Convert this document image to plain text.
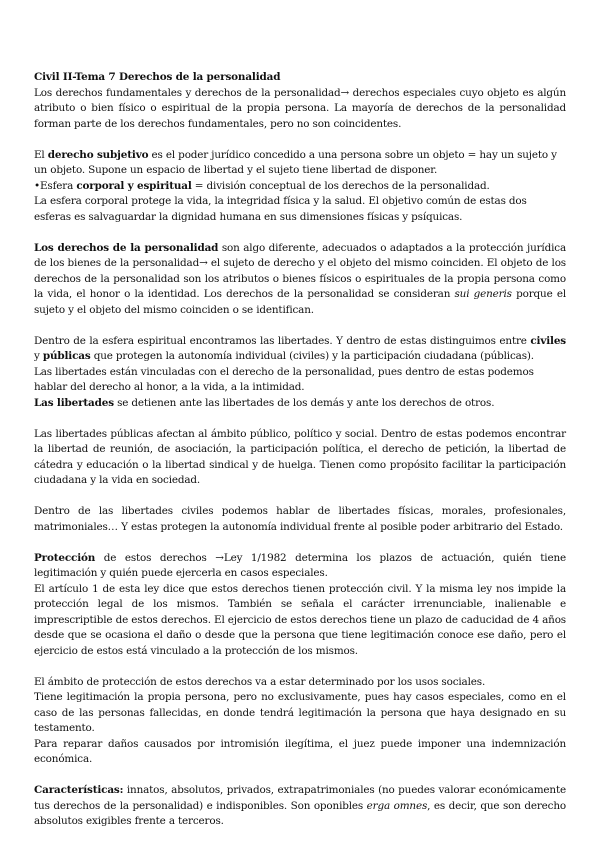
Civil II-Tema 7 Derechos de la personalidad

Los derechos fundamentales y derechos de la personalidad→ derechos especiales cuyo objeto es algún atributo o bien físico o espiritual de la propia persona. La mayoría de derechos de la personalidad forman parte de los derechos fundamentales, pero no son coincidentes.

El derecho subjetivo es el poder jurídico concedido a una persona sobre un objeto = hay un sujeto y un objeto. Supone un espacio de libertad y el sujeto tiene libertad de disponer.

•Esfera corporal y espiritual = división conceptual de los derechos de la personalidad.

La esfera corporal protege la vida, la integridad física y la salud. El objetivo común de estas dos esferas es salvaguardar la dignidad humana en sus dimensiones físicas y psíquicas.

Los derechos de la personalidad son algo diferente, adecuados o adaptados a la protección jurídica de los bienes de la personalidad→ el sujeto de derecho y el objeto del mismo coinciden. El objeto de los derechos de la personalidad son los atributos o bienes físicos o espirituales de la propia persona como la vida, el honor o la identidad. Los derechos de la personalidad se consideran sui generis porque el sujeto y el objeto del mismo coinciden o se identifican.

Dentro de la esfera espiritual encontramos las libertades. Y dentro de estas distinguimos entre civiles y públicas que protegen la autonomía individual (civiles) y la participación ciudadana (públicas).

Las libertades están vinculadas con el derecho de la personalidad, pues dentro de estas podemos hablar del derecho al honor, a la vida, a la intimidad.

Las libertades se detienen ante las libertades de los demás y ante los derechos de otros.

Las libertades públicas afectan al ámbito público, político y social. Dentro de estas podemos encontrar la libertad de reunión, de asociación, la participación política, el derecho de petición, la libertad de cátedra y educación o la libertad sindical y de huelga. Tienen como propósito facilitar la participación ciudadana y la vida en sociedad.

Dentro de las libertades civiles podemos hablar de libertades físicas, morales, profesionales, matrimoniales… Y estas protegen la autonomía individual frente al posible poder arbitrario del Estado.

Protección de estos derechos →Ley 1/1982 determina los plazos de actuación, quién tiene legitimación y quién puede ejercerla en casos especiales.

El artículo 1 de esta ley dice que estos derechos tienen protección civil. Y la misma ley nos impide la protección legal de los mismos. También se señala el carácter irrenunciable, inalienable e imprescriptible de estos derechos. El ejercicio de estos derechos tiene un plazo de caducidad de 4 años desde que se ocasiona el daño o desde que la persona que tiene legitimación conoce ese daño, pero el ejercicio de estos está vinculado a la protección de los mismos.

El ámbito de protección de estos derechos va a estar determinado por los usos sociales.

Tiene legitimación la propia persona, pero no exclusivamente, pues hay casos especiales, como en el caso de las personas fallecidas, en donde tendrá legitimación la persona que haya designado en su testamento.

Para reparar daños causados por intromisión ilegítima, el juez puede imponer una indemnización económica.

Características: innatos, absolutos, privados, extrapatrimoniales (no puedes valorar económicamente tus derechos de la personalidad) e indisponibles. Son oponibles erga omnes, es decir, que son derecho absolutos exigibles frente a terceros.
